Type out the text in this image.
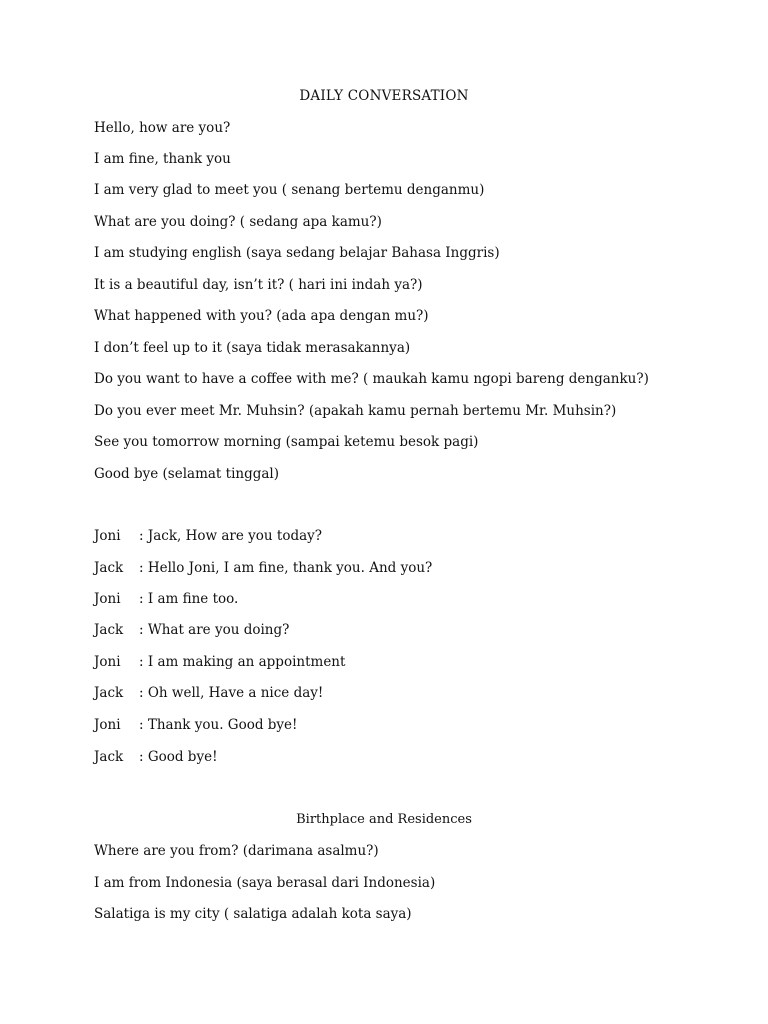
DAILY CONVERSATION
Hello, how are you?
I am fine, thank you
I am very glad to meet you ( senang bertemu denganmu)
What are you doing? ( sedang apa kamu?)
I am studying english (saya sedang belajar Bahasa Inggris)
It is a beautiful day, isn’t it? ( hari ini indah ya?)
What happened with you? (ada apa dengan mu?)
I don’t feel up to it (saya tidak merasakannya)
Do you want to have a coffee with me? ( maukah kamu ngopi bareng denganku?)
Do you ever meet Mr. Muhsin? (apakah kamu pernah bertemu Mr. Muhsin?)
See you tomorrow morning (sampai ketemu besok pagi)
Good bye (selamat tinggal)
Joni : Jack, How are you today?
Jack : Hello Joni, I am fine, thank you. And you?
Joni : I am fine too.
Jack : What are you doing?
Joni : I am making an appointment
Jack : Oh well, Have a nice day!
Joni : Thank you. Good bye!
Jack : Good bye!
Birthplace and Residences
Where are you from? (darimana asalmu?)
I am from Indonesia (saya berasal dari Indonesia)
Salatiga is my city ( salatiga adalah kota saya)
